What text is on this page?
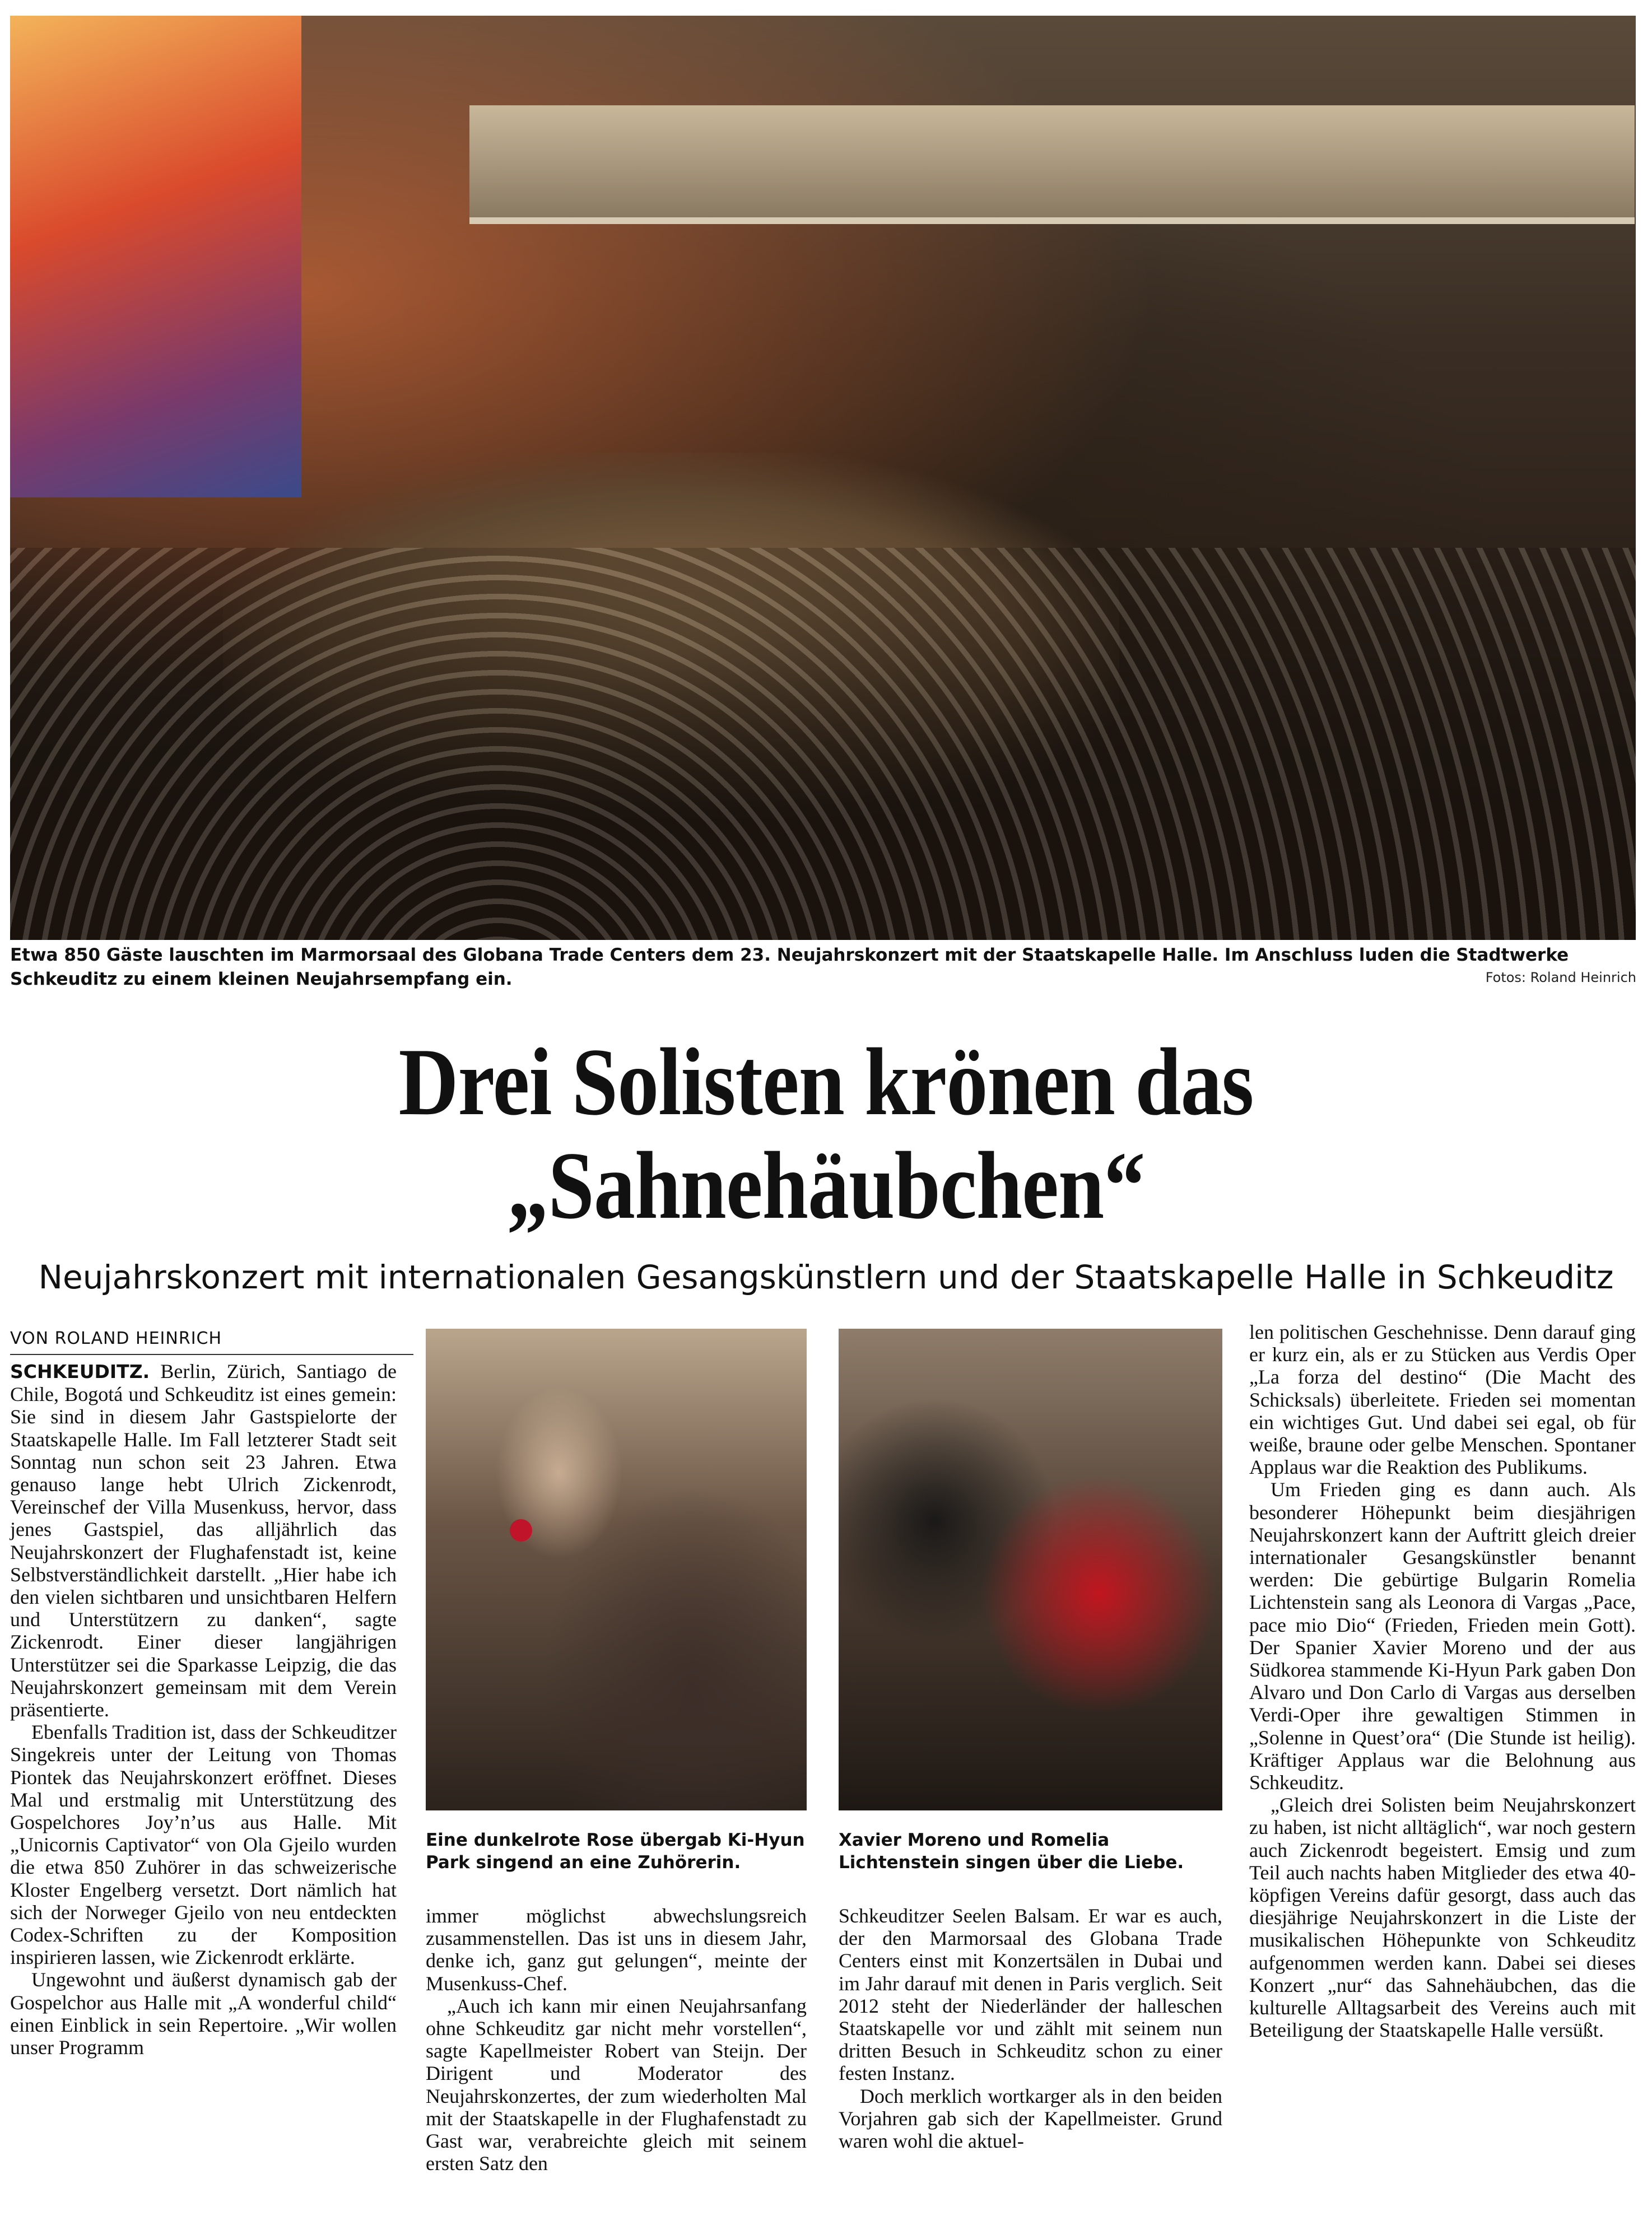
Etwa 850 Gäste lauschten im Marmorsaal des Globana Trade Centers dem 23. Neujahrskonzert mit der Staatskapelle Halle. Im Anschluss luden die Stadtwerke Schkeuditz zu einem kleinen Neujahrsempfang ein.	Fotos: Roland Heinrich
Drei Solisten krönen das
„Sahnehäubchen“
Neujahrskonzert mit internationalen Gesangskünstlern und der Staatskapelle Halle in Schkeuditz
VON ROLAND HEINRICH

SCHKEUDITZ. Berlin, Zürich, Santiago de Chile, Bogotá und Schkeuditz ist eines gemein: Sie sind in diesem Jahr Gastspielorte der Staatskapelle Halle. Im Fall letzterer Stadt seit Sonntag nun schon seit 23 Jahren. Etwa genauso lange hebt Ulrich Zickenrodt, Vereinschef der Villa Musenkuss, hervor, dass jenes Gastspiel, das alljährlich das Neujahrskonzert der Flughafenstadt ist, keine Selbstverständlichkeit darstellt. „Hier habe ich den vielen sichtbaren und unsichtbaren Helfern und Unterstützern zu danken“, sagte Zickenrodt. Einer dieser langjährigen Unterstützer sei die Sparkasse Leipzig, die das Neujahrskonzert gemeinsam mit dem Verein präsentierte.

Ebenfalls Tradition ist, dass der Schkeuditzer Singekreis unter der Leitung von Thomas Piontek das Neujahrskonzert eröffnet. Dieses Mal und erstmalig mit Unterstützung des Gospelchores Joy’n’us aus Halle. Mit „Unicornis Captivator“ von Ola Gjeilo wurden die etwa 850 Zuhörer in das schweizerische Kloster Engelberg versetzt. Dort nämlich hat sich der Norweger Gjeilo von neu entdeckten Codex-Schriften zu der Komposition inspirieren lassen, wie Zickenrodt erklärte.

Ungewohnt und äußerst dynamisch gab der Gospelchor aus Halle mit „A wonderful child“ einen Einblick in sein Repertoire. „Wir wollen unser Programm

Eine dunkelrote Rose übergab Ki-Hyun Park singend an eine Zuhörerin.
Xavier Moreno und Romelia Lichtenstein singen über die Liebe.

immer möglichst abwechslungsreich zusammenstellen. Das ist uns in diesem Jahr, denke ich, ganz gut gelungen“, meinte der Musenkuss-Chef.

„Auch ich kann mir einen Neujahrsanfang ohne Schkeuditz gar nicht mehr vorstellen“, sagte Kapellmeister Robert van Steijn. Der Dirigent und Moderator des Neujahrskonzertes, der zum wiederholten Mal mit der Staatskapelle in der Flughafenstadt zu Gast war, verabreichte gleich mit seinem ersten Satz den

Schkeuditzer Seelen Balsam. Er war es auch, der den Marmorsaal des Globana Trade Centers einst mit Konzertsälen in Dubai und im Jahr darauf mit denen in Paris verglich. Seit 2012 steht der Niederländer der halleschen Staatskapelle vor und zählt mit seinem nun dritten Besuch in Schkeuditz schon zu einer festen Instanz.

Doch merklich wortkarger als in den beiden Vorjahren gab sich der Kapellmeister. Grund waren wohl die aktuel-

len politischen Geschehnisse. Denn darauf ging er kurz ein, als er zu Stücken aus Verdis Oper „La forza del destino“ (Die Macht des Schicksals) überleitete. Frieden sei momentan ein wichtiges Gut. Und dabei sei egal, ob für weiße, braune oder gelbe Menschen. Spontaner Applaus war die Reaktion des Publikums.

Um Frieden ging es dann auch. Als besonderer Höhepunkt beim diesjährigen Neujahrskonzert kann der Auftritt gleich dreier internationaler Gesangskünstler benannt werden: Die gebürtige Bulgarin Romelia Lichtenstein sang als Leonora di Vargas „Pace, pace mio Dio“ (Frieden, Frieden mein Gott). Der Spanier Xavier Moreno und der aus Südkorea stammende Ki-Hyun Park gaben Don Alvaro und Don Carlo di Vargas aus derselben Verdi-Oper ihre gewaltigen Stimmen in „Solenne in Quest’ora“ (Die Stunde ist heilig). Kräftiger Applaus war die Belohnung aus Schkeuditz.

„Gleich drei Solisten beim Neujahrskonzert zu haben, ist nicht alltäglich“, war noch gestern auch Zickenrodt begeistert. Emsig und zum Teil auch nachts haben Mitglieder des etwa 40-köpfigen Vereins dafür gesorgt, dass auch das diesjährige Neujahrskonzert in die Liste der musikalischen Höhepunkte von Schkeuditz aufgenommen werden kann. Dabei sei dieses Konzert „nur“ das Sahnehäubchen, das die kulturelle Alltagsarbeit des Vereins auch mit Beteiligung der Staatskapelle Halle versüßt.
